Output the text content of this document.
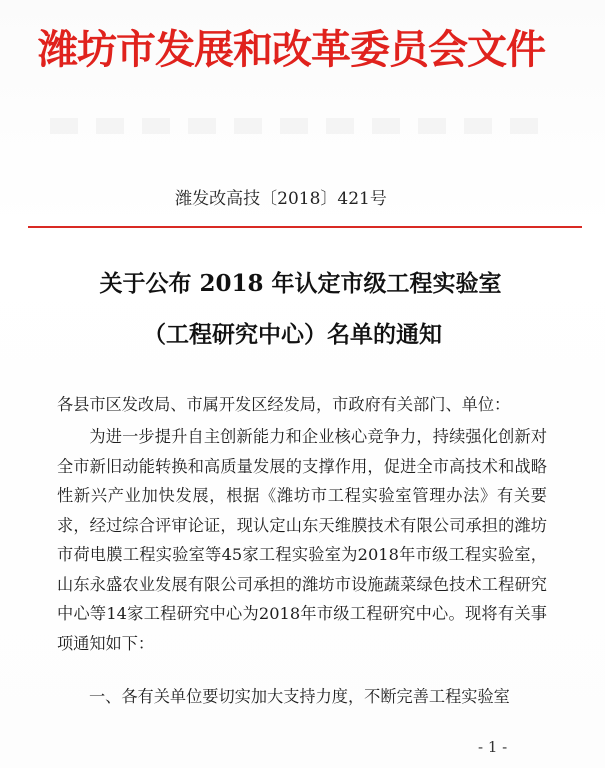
潍坊市发展和改革委员会文件
潍发改高技〔2018〕421号
关于公布 2018 年认定市级工程实验室
（工程研究中心）名单的通知
各县市区发改局、市属开发区经发局，市政府有关部门、单位：
为进一步提升自主创新能力和企业核心竞争力，持续强化创新对全市新旧动能转换和高质量发展的支撑作用，促进全市高技术和战略性新兴产业加快发展，根据《潍坊市工程实验室管理办法》有关要求，经过综合评审论证，现认定山东天维膜技术有限公司承担的潍坊市荷电膜工程实验室等45家工程实验室为2018年市级工程实验室，山东永盛农业发展有限公司承担的潍坊市设施蔬菜绿色技术工程研究中心等14家工程研究中心为2018年市级工程研究中心。现将有关事项通知如下：
一、各有关单位要切实加大支持力度，不断完善工程实验室
- 1 -
